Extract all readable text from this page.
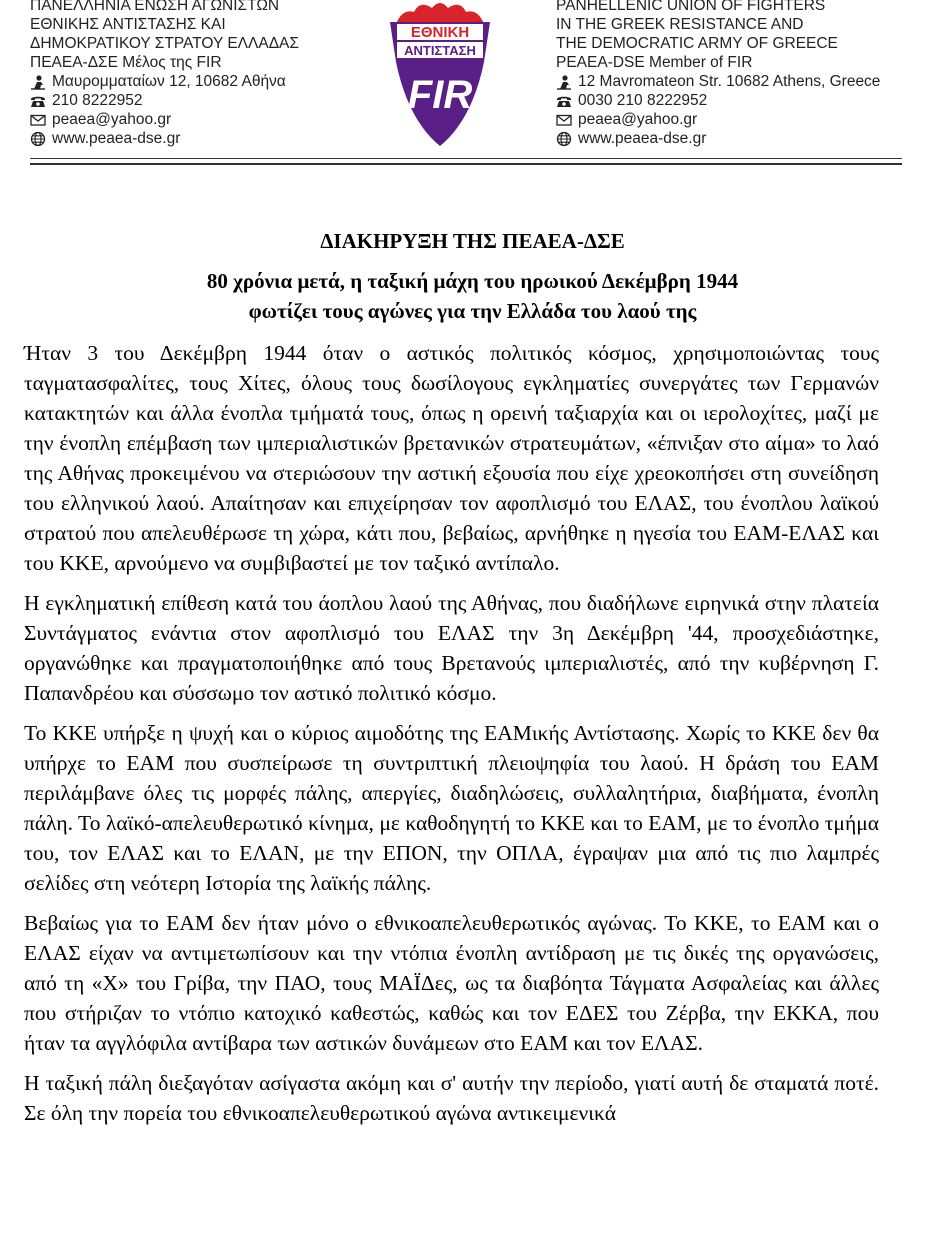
ΠΑΝΕΛΛΗΝΙΑ ΕΝΩΣΗ ΑΓΩΝΙΣΤΩΝ
ΕΘΝΙΚΗΣ ΑΝΤΙΣΤΑΣΗΣ ΚΑΙ
ΔΗΜΟΚΡΑΤΙΚΟΥ ΣΤΡΑΤΟΥ ΕΛΛΑΔΑΣ
ΠΕΑΕΑ-ΔΣΕ Μέλος της FIR
Μαυρομματαίων 12, 10682 Αθήνα
210 8222952
peaea@yahoo.gr
www.peaea-dse.gr
ΕΘΝΙΚΗ
ΑΝΤΙΣΤΑΣΗ
FIR
PANHELLENIC UNION OF FIGHTERS
IN THE GREEK RESISTANCE AND
THE DEMOCRATIC ARMY OF GREECE
PEAEA-DSE Member of FIR
12 Mavromateon Str. 10682 Athens, Greece
0030 210 8222952
peaea@yahoo.gr
www.peaea-dse.gr
ΔΙΑΚΗΡΥΞΗ ΤΗΣ ΠΕΑΕΑ-ΔΣΕ
80 χρόνια μετά, η ταξική μάχη του ηρωικού Δεκέμβρη 1944
φωτίζει τους αγώνες για την Ελλάδα του λαού της

Ήταν 3 του Δεκέμβρη 1944 όταν ο αστικός πολιτικός κόσμος, χρησιμοποιώντας τους ταγματασφαλίτες, τους Χίτες, όλους τους δωσίλογους εγκληματίες συνεργάτες των Γερμανών κατακτητών και άλλα ένοπλα τμήματά τους, όπως η ορεινή ταξιαρχία και οι ιερολοχίτες, μαζί με την ένοπλη επέμβαση των ιμπεριαλιστικών βρετανικών στρατευμάτων, «έπνιξαν στο αίμα» το λαό της Αθήνας προκειμένου να στεριώσουν την αστική εξουσία που είχε χρεοκοπήσει στη συνείδηση του ελληνικού λαού. Απαίτησαν και επιχείρησαν τον αφοπλισμό του ΕΛΑΣ, του ένοπλου λαϊκού στρατού που απελευθέρωσε τη χώρα, κάτι που, βεβαίως, αρνήθηκε η ηγεσία του ΕΑΜ-ΕΛΑΣ και του ΚΚΕ, αρνούμενο να συμβιβαστεί με τον ταξικό αντίπαλο.

Η εγκληματική επίθεση κατά του άοπλου λαού της Αθήνας, που διαδήλωνε ειρηνικά στην πλατεία Συντάγματος ενάντια στον αφοπλισμό του ΕΛΑΣ την 3η Δεκέμβρη '44, προσχεδιάστηκε, οργανώθηκε και πραγματοποιήθηκε από τους Βρετανούς ιμπεριαλιστές, από την κυβέρνηση Γ. Παπανδρέου και σύσσωμο τον αστικό πολιτικό κόσμο.

Το ΚΚΕ υπήρξε η ψυχή και ο κύριος αιμοδότης της ΕΑΜικής Αντίστασης. Χωρίς το ΚΚΕ δεν θα υπήρχε το ΕΑΜ που συσπείρωσε τη συντριπτική πλειοψηφία του λαού. Η δράση του ΕΑΜ περιλάμβανε όλες τις μορφές πάλης, απεργίες, διαδηλώσεις, συλλαλητήρια, διαβήματα, ένοπλη πάλη. Το λαϊκό-απελευθερωτικό κίνημα, με καθοδηγητή το ΚΚΕ και το ΕΑΜ, με το ένοπλο τμήμα του, τον ΕΛΑΣ και το ΕΛΑΝ, με την ΕΠΟΝ, την ΟΠΛΑ, έγραψαν μια από τις πιο λαμπρές σελίδες στη νεότερη Ιστορία της λαϊκής πάλης.

Βεβαίως για το ΕΑΜ δεν ήταν μόνο ο εθνικοαπελευθερωτικός αγώνας. Το ΚΚΕ, το ΕΑΜ και ο ΕΛΑΣ είχαν να αντιμετωπίσουν και την ντόπια ένοπλη αντίδραση με τις δικές της οργανώσεις, από τη «Χ» του Γρίβα, την ΠΑΟ, τους ΜΑΪΔες, ως τα διαβόητα Τάγματα Ασφαλείας και άλλες που στήριζαν το ντόπιο κατοχικό καθεστώς, καθώς και τον ΕΔΕΣ του Ζέρβα, την ΕΚΚΑ, που ήταν τα αγγλόφιλα αντίβαρα των αστικών δυνάμεων στο ΕΑΜ και τον ΕΛΑΣ.

Η ταξική πάλη διεξαγόταν ασίγαστα ακόμη και σ' αυτήν την περίοδο, γιατί αυτή δε σταματά ποτέ. Σε όλη την πορεία του εθνικοαπελευθερωτικού αγώνα αντικειμενικά
